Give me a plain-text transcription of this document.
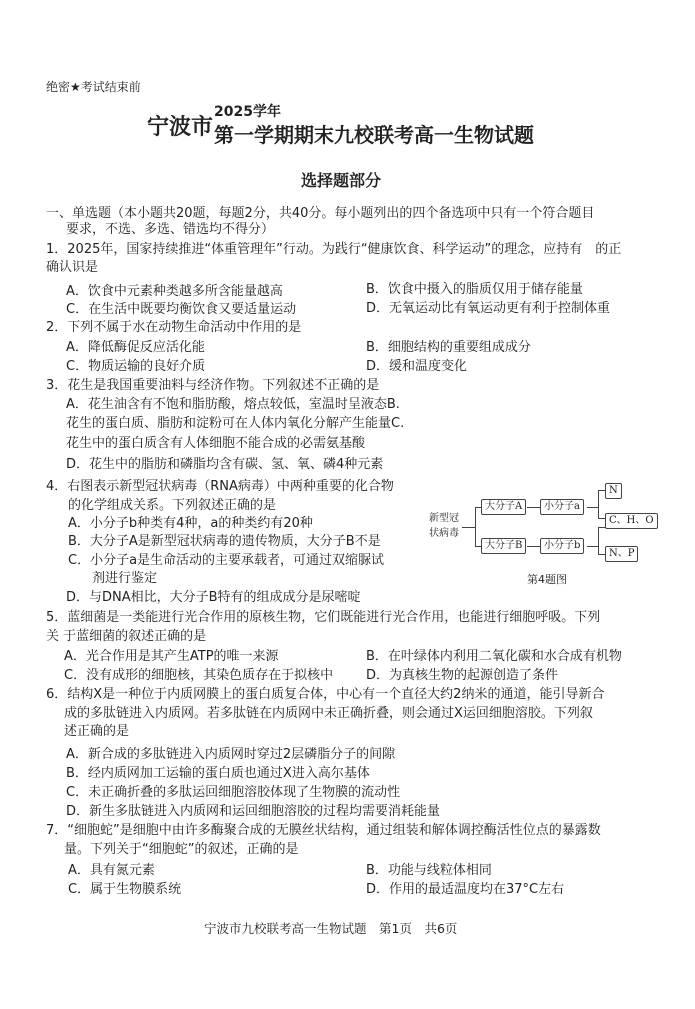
绝密★考试结束前
宁波市
2025学年
第一学期期末九校联考高一生物试题
选择题部分
一、单选题（本小题共20题，每题2分，共40分。每小题列出的四个备选项中只有一个符合题目
要求，不选、多选、错选均不得分）
1．2025年，国家持续推进“体重管理年”行动。为践行“健康饮食、科学运动”的理念，应持有　的正
确认识是
A．饮食中元素种类越多所含能量越高	B．饮食中摄入的脂质仅用于储存能量
C．在生活中既要均衡饮食又要适量运动	D．无氧运动比有氧运动更有利于控制体重
2．下列不属于水在动物生命活动中作用的是
A．降低酶促反应活化能	B．细胞结构的重要组成成分
C．物质运输的良好介质	D．缓和温度变化
3．花生是我国重要油料与经济作物。下列叙述不正确的是
A．花生油含有不饱和脂肪酸，熔点较低，室温时呈液态B.
花生的蛋白质、脂肪和淀粉可在人体内氧化分解产生能量C.
花生中的蛋白质含有人体细胞不能合成的必需氨基酸
D．花生中的脂肪和磷脂均含有碳、氢、氧、磷4种元素
4．右图表示新型冠状病毒（RNA病毒）中两种重要的化合物
的化学组成关系。下列叙述正确的是
A．小分子b种类有4种，a的种类约有20种
B．大分子A是新型冠状病毒的遗传物质，大分子B不是
C．小分子a是生命活动的主要承载者，可通过双缩脲试
剂进行鉴定
D．与DNA相比，大分子B特有的组成成分是尿嘧啶
新型冠
状病毒
大分子A	小分子a
大分子B	小分子b
N
C、H、O
N、P
第4题图
5．蓝细菌是一类能进行光合作用的原核生物，它们既能进行光合作用，也能进行细胞呼吸。下列
关 于蓝细菌的叙述正确的是
A．光合作用是其产生ATP的唯一来源	B．在叶绿体内利用二氧化碳和水合成有机物
C．没有成形的细胞核，其染色质存在于拟核中	D．为真核生物的起源创造了条件
6．结构X是一种位于内质网膜上的蛋白质复合体，中心有一个直径大约2纳米的通道，能引导新合
成的多肽链进入内质网。若多肽链在内质网中未正确折叠，则会通过X运回细胞溶胶。下列叙
述正确的是
A．新合成的多肽链进入内质网时穿过2层磷脂分子的间隙
B．经内质网加工运输的蛋白质也通过X进入高尔基体
C．未正确折叠的多肽运回细胞溶胶体现了生物膜的流动性
D．新生多肽链进入内质网和运回细胞溶胶的过程均需要消耗能量
7．“细胞蛇”是细胞中由许多酶聚合成的无膜丝状结构，通过组装和解体调控酶活性位点的暴露数
量。下列关于“细胞蛇”的叙述，正确的是
A．具有氮元素	B．功能与线粒体相同
C．属于生物膜系统	D．作用的最适温度均在37°C左右
宁波市九校联考高一生物试题　第1页　共6页
